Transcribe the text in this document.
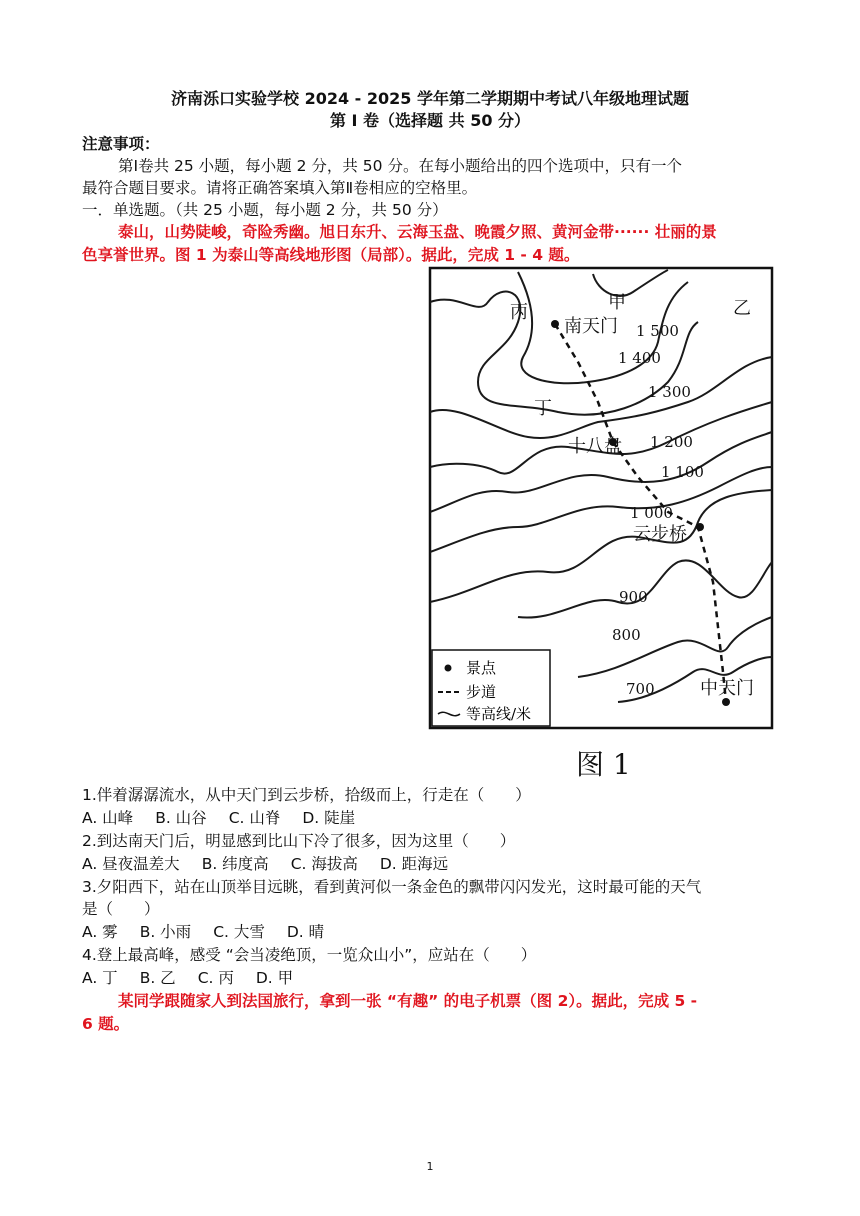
济南泺口实验学校 2024 - 2025 学年第二学期期中考试八年级地理试题
第 Ⅰ 卷（选择题 共 50 分）
注意事项：
第Ⅰ卷共 25 小题，每小题 2 分，共 50 分。在每小题给出的四个选项中，只有一个
最符合题目要求。请将正确答案填入第Ⅱ卷相应的空格里。
一．单选题。（共 25 小题，每小题 2 分，共 50 分）
泰山，山势陡峻，奇险秀幽。旭日东升、云海玉盘、晚霞夕照、黄河金带······ 壮丽的景
色享誉世界。图 1 为泰山等高线地形图（局部）。据此，完成 1 - 4 题。
丙	甲	乙
丁
南天门
十八盘
云步桥
中天门
1 500
1 400
1 300
1 200
1 100
1 000
900
800
700
景点
步道
等高线/米
图 1
1.伴着潺潺流水，从中天门到云步桥，拾级而上，行走在（　　）
A. 山峰 B. 山谷 C. 山脊 D. 陡崖
2.到达南天门后，明显感到比山下冷了很多，因为这里（　　）
A. 昼夜温差大 B. 纬度高 C. 海拔高 D. 距海远
3.夕阳西下，站在山顶举目远眺，看到黄河似一条金色的飘带闪闪发光，这时最可能的天气
是（　　）
A. 雾 B. 小雨 C. 大雪 D. 晴
4.登上最高峰，感受 “会当凌绝顶，一览众山小”，应站在（　　）
A. 丁 B. 乙 C. 丙 D. 甲
某同学跟随家人到法国旅行，拿到一张 “有趣” 的电子机票（图 2）。据此，完成 5 -
6 题。
1
